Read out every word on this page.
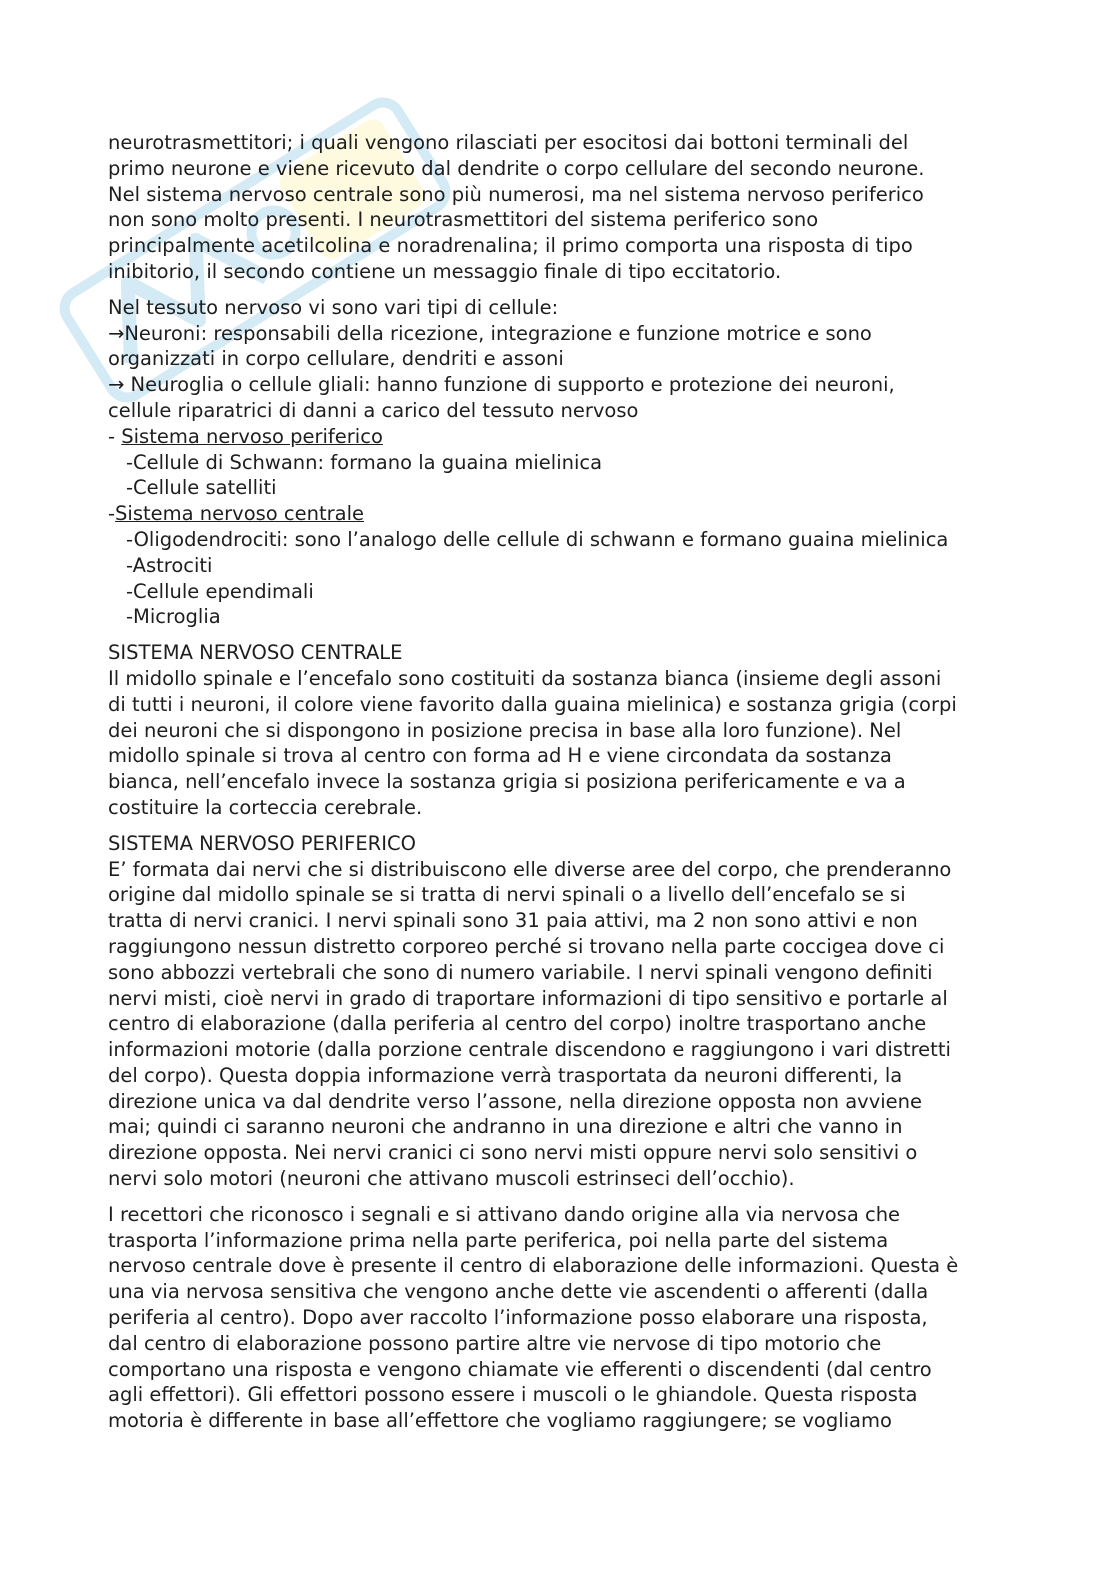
neurotrasmettitori; i quali vengono rilasciati per esocitosi dai bottoni terminali del
primo neurone e viene ricevuto dal dendrite o corpo cellulare del secondo neurone.
Nel sistema nervoso centrale sono più numerosi, ma nel sistema nervoso periferico
non sono molto presenti. I neurotrasmettitori del sistema periferico sono
principalmente acetilcolina e noradrenalina; il primo comporta una risposta di tipo
inibitorio, il secondo contiene un messaggio finale di tipo eccitatorio.
Nel tessuto nervoso vi sono vari tipi di cellule:
→Neuroni: responsabili della ricezione, integrazione e funzione motrice e sono
organizzati in corpo cellulare, dendriti e assoni
→ Neuroglia o cellule gliali: hanno funzione di supporto e protezione dei neuroni,
cellule riparatrici di danni a carico del tessuto nervoso
- Sistema nervoso periferico
-Cellule di Schwann: formano la guaina mielinica
-Cellule satelliti
-Sistema nervoso centrale
-Oligodendrociti: sono l’analogo delle cellule di schwann e formano guaina mielinica
-Astrociti
-Cellule ependimali
-Microglia
SISTEMA NERVOSO CENTRALE
Il midollo spinale e l’encefalo sono costituiti da sostanza bianca (insieme degli assoni
di tutti i neuroni, il colore viene favorito dalla guaina mielinica) e sostanza grigia (corpi
dei neuroni che si dispongono in posizione precisa in base alla loro funzione). Nel
midollo spinale si trova al centro con forma ad H e viene circondata da sostanza
bianca, nell’encefalo invece la sostanza grigia si posiziona perifericamente e va a
costituire la corteccia cerebrale.
SISTEMA NERVOSO PERIFERICO
E’ formata dai nervi che si distribuiscono elle diverse aree del corpo, che prenderanno
origine dal midollo spinale se si tratta di nervi spinali o a livello dell’encefalo se si
tratta di nervi cranici. I nervi spinali sono 31 paia attivi, ma 2 non sono attivi e non
raggiungono nessun distretto corporeo perché si trovano nella parte coccigea dove ci
sono abbozzi vertebrali che sono di numero variabile. I nervi spinali vengono definiti
nervi misti, cioè nervi in grado di traportare informazioni di tipo sensitivo e portarle al
centro di elaborazione (dalla periferia al centro del corpo) inoltre trasportano anche
informazioni motorie (dalla porzione centrale discendono e raggiungono i vari distretti
del corpo). Questa doppia informazione verrà trasportata da neuroni differenti, la
direzione unica va dal dendrite verso l’assone, nella direzione opposta non avviene
mai; quindi ci saranno neuroni che andranno in una direzione e altri che vanno in
direzione opposta. Nei nervi cranici ci sono nervi misti oppure nervi solo sensitivi o
nervi solo motori (neuroni che attivano muscoli estrinseci dell’occhio).
I recettori che riconosco i segnali e si attivano dando origine alla via nervosa che
trasporta l’informazione prima nella parte periferica, poi nella parte del sistema
nervoso centrale dove è presente il centro di elaborazione delle informazioni. Questa è
una via nervosa sensitiva che vengono anche dette vie ascendenti o afferenti (dalla
periferia al centro). Dopo aver raccolto l’informazione posso elaborare una risposta,
dal centro di elaborazione possono partire altre vie nervose di tipo motorio che
comportano una risposta e vengono chiamate vie efferenti o discendenti (dal centro
agli effettori). Gli effettori possono essere i muscoli o le ghiandole. Questa risposta
motoria è differente in base all’effettore che vogliamo raggiungere; se vogliamo
